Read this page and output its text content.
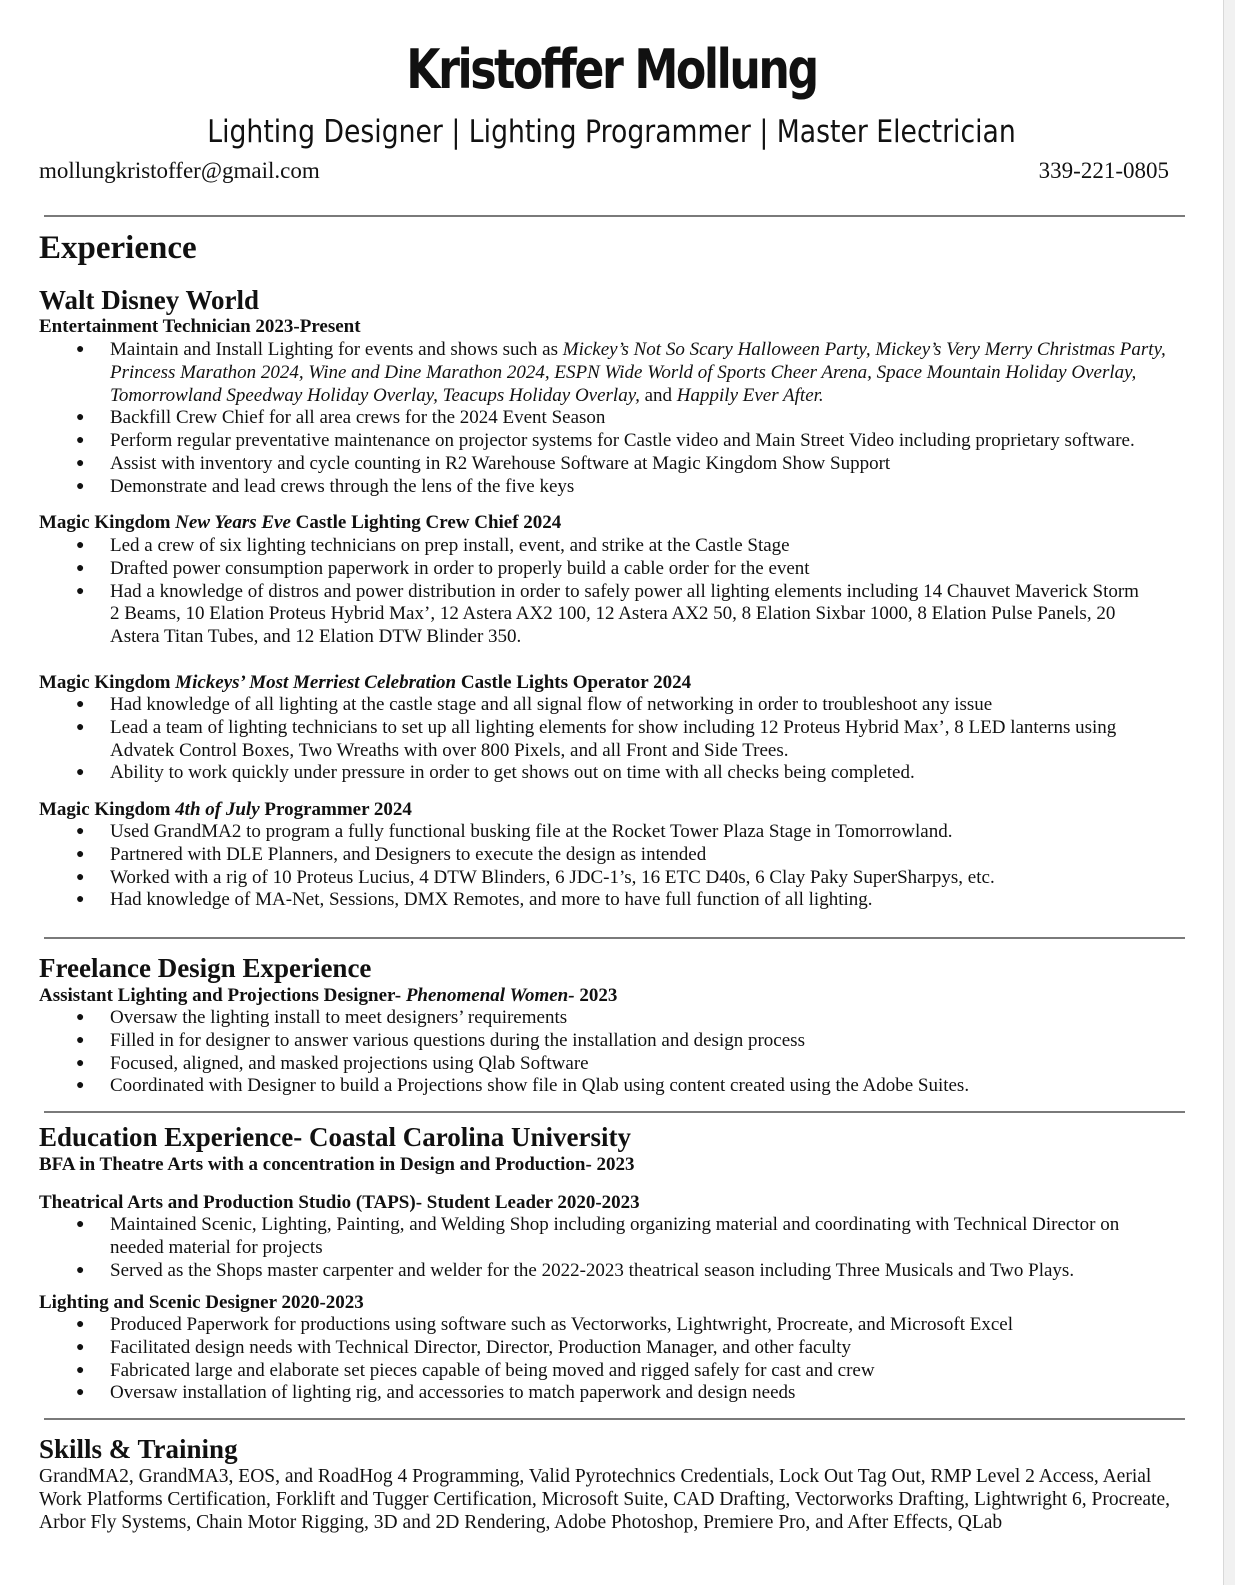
Kristoffer Mollung
Lighting Designer | Lighting Programmer | Master Electrician
mollungkristoffer@gmail.com	339-221-0805
Experience
Walt Disney World
Entertainment Technician 2023-Present
● Maintain and Install Lighting for events and shows such as Mickey’s Not So Scary Halloween Party, Mickey’s Very Merry Christmas Party, Princess Marathon 2024, Wine and Dine Marathon 2024, ESPN Wide World of Sports Cheer Arena, Space Mountain Holiday Overlay, Tomorrowland Speedway Holiday Overlay, Teacups Holiday Overlay, and Happily Ever After.
● Backfill Crew Chief for all area crews for the 2024 Event Season
● Perform regular preventative maintenance on projector systems for Castle video and Main Street Video including proprietary software.
● Assist with inventory and cycle counting in R2 Warehouse Software at Magic Kingdom Show Support
● Demonstrate and lead crews through the lens of the five keys
Magic Kingdom New Years Eve Castle Lighting Crew Chief 2024
● Led a crew of six lighting technicians on prep install, event, and strike at the Castle Stage
● Drafted power consumption paperwork in order to properly build a cable order for the event
● Had a knowledge of distros and power distribution in order to safely power all lighting elements including 14 Chauvet Maverick Storm 2 Beams, 10 Elation Proteus Hybrid Max’, 12 Astera AX2 100, 12 Astera AX2 50, 8 Elation Sixbar 1000, 8 Elation Pulse Panels, 20 Astera Titan Tubes, and 12 Elation DTW Blinder 350.
Magic Kingdom Mickeys’ Most Merriest Celebration Castle Lights Operator 2024
● Had knowledge of all lighting at the castle stage and all signal flow of networking in order to troubleshoot any issue
● Lead a team of lighting technicians to set up all lighting elements for show including 12 Proteus Hybrid Max’, 8 LED lanterns using Advatek Control Boxes, Two Wreaths with over 800 Pixels, and all Front and Side Trees.
● Ability to work quickly under pressure in order to get shows out on time with all checks being completed.
Magic Kingdom 4th of July Programmer 2024
● Used GrandMA2 to program a fully functional busking file at the Rocket Tower Plaza Stage in Tomorrowland.
● Partnered with DLE Planners, and Designers to execute the design as intended
● Worked with a rig of 10 Proteus Lucius, 4 DTW Blinders, 6 JDC-1’s, 16 ETC D40s, 6 Clay Paky SuperSharpys, etc.
● Had knowledge of MA-Net, Sessions, DMX Remotes, and more to have full function of all lighting.
Freelance Design Experience
Assistant Lighting and Projections Designer- Phenomenal Women- 2023
● Oversaw the lighting install to meet designers’ requirements
● Filled in for designer to answer various questions during the installation and design process
● Focused, aligned, and masked projections using Qlab Software
● Coordinated with Designer to build a Projections show file in Qlab using content created using the Adobe Suites.
Education Experience- Coastal Carolina University
BFA in Theatre Arts with a concentration in Design and Production- 2023
Theatrical Arts and Production Studio (TAPS)- Student Leader 2020-2023
● Maintained Scenic, Lighting, Painting, and Welding Shop including organizing material and coordinating with Technical Director on needed material for projects
● Served as the Shops master carpenter and welder for the 2022-2023 theatrical season including Three Musicals and Two Plays.
Lighting and Scenic Designer 2020-2023
● Produced Paperwork for productions using software such as Vectorworks, Lightwright, Procreate, and Microsoft Excel
● Facilitated design needs with Technical Director, Director, Production Manager, and other faculty
● Fabricated large and elaborate set pieces capable of being moved and rigged safely for cast and crew
● Oversaw installation of lighting rig, and accessories to match paperwork and design needs
Skills & Training
GrandMA2, GrandMA3, EOS, and RoadHog 4 Programming, Valid Pyrotechnics Credentials, Lock Out Tag Out, RMP Level 2 Access, Aerial Work Platforms Certification, Forklift and Tugger Certification, Microsoft Suite, CAD Drafting, Vectorworks Drafting, Lightwright 6, Procreate, Arbor Fly Systems, Chain Motor Rigging, 3D and 2D Rendering, Adobe Photoshop, Premiere Pro, and After Effects, QLab
